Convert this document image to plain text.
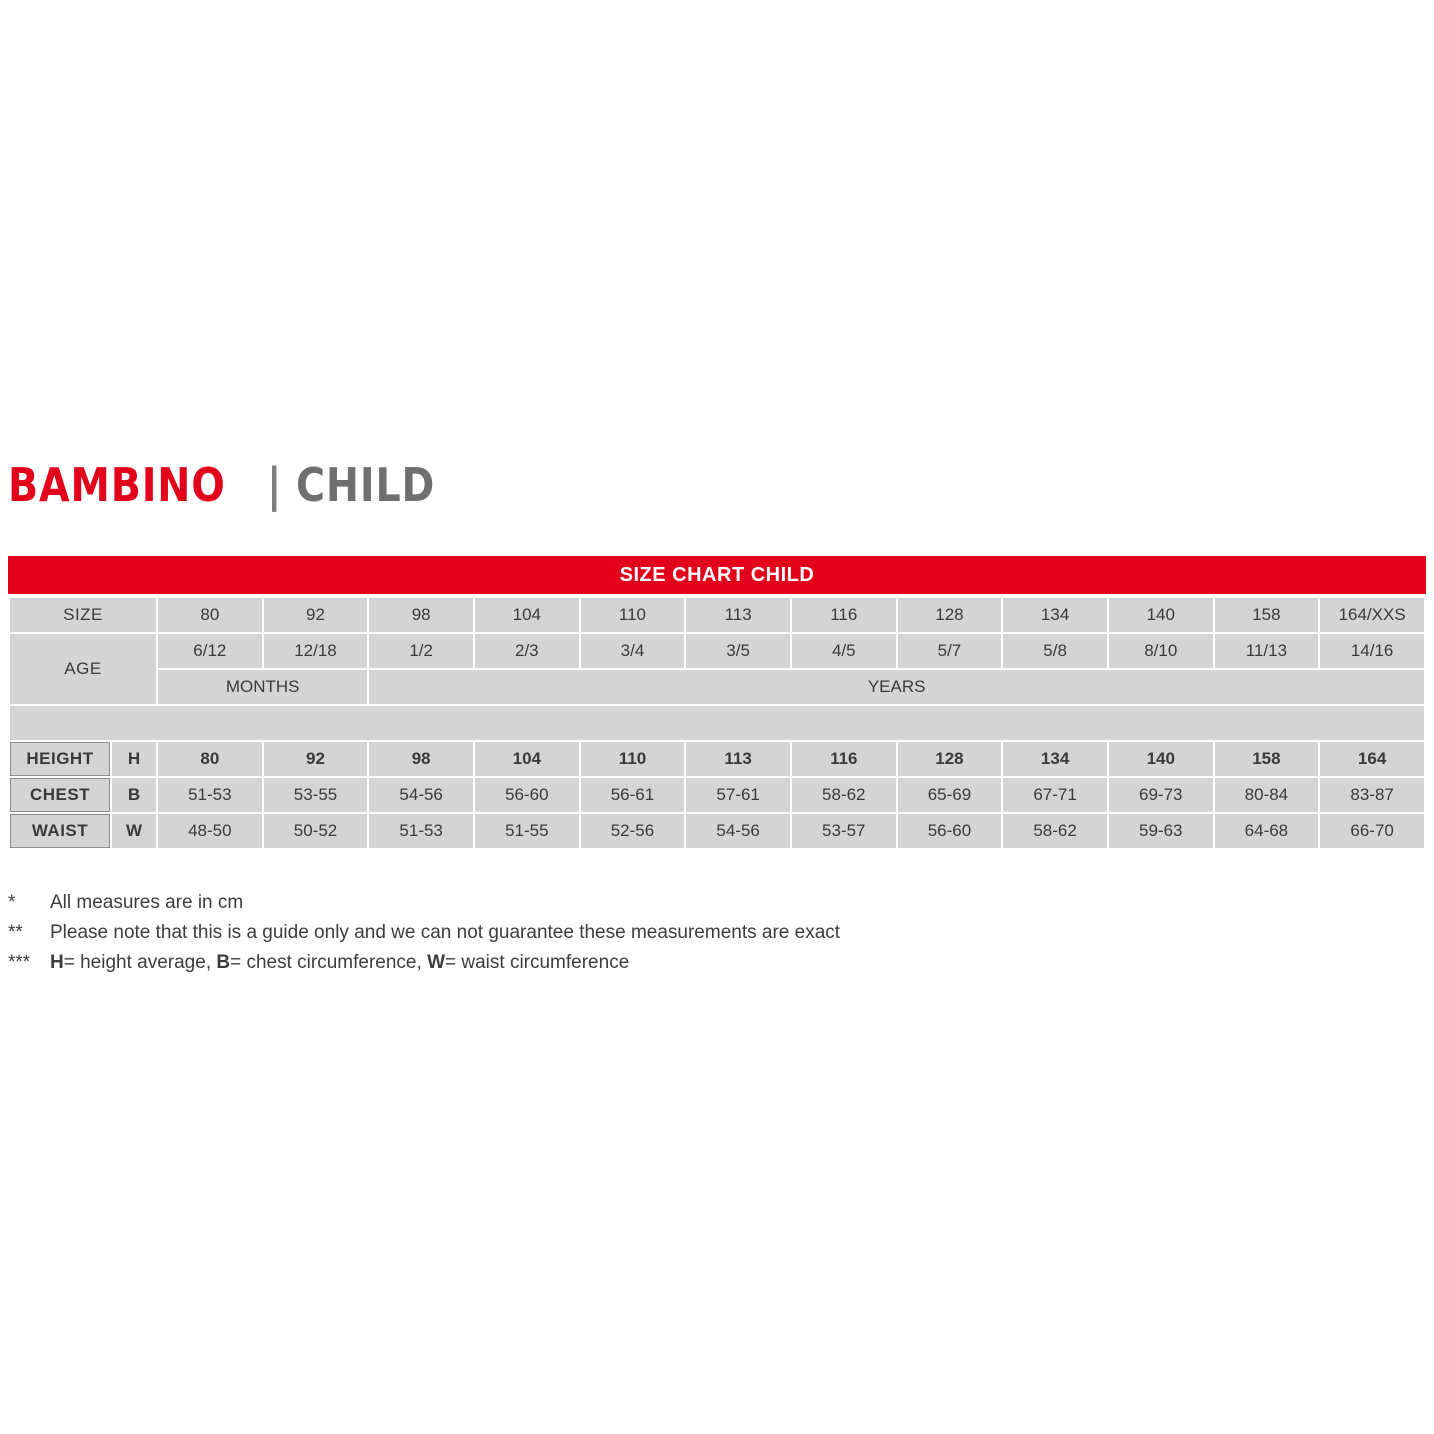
BAMBINO | CHILD
SIZE CHART CHILD
SIZE		80	92	98	104	110	113	116	128	134	140	158	164/XXS
AGE		6/12	12/18	1/2	2/3	3/4	3/5	4/5	5/7	5/8	8/10	11/13	14/16
		MONTHS		YEARS									

HEIGHT	H	80	92	98	104	110	113	116	128	134	140	158	164
CHEST	B	51-53	53-55	54-56	56-60	56-61	57-61	58-62	65-69	67-71	69-73	80-84	83-87
WAIST	W	48-50	50-52	51-53	51-55	52-56	54-56	53-57	56-60	58-62	59-63	64-68	66-70
*	All measures are in cm
**	Please note that this is a guide only and we can not guarantee these measurements are exact
***	H= height average, B= chest circumference, W= waist circumference
